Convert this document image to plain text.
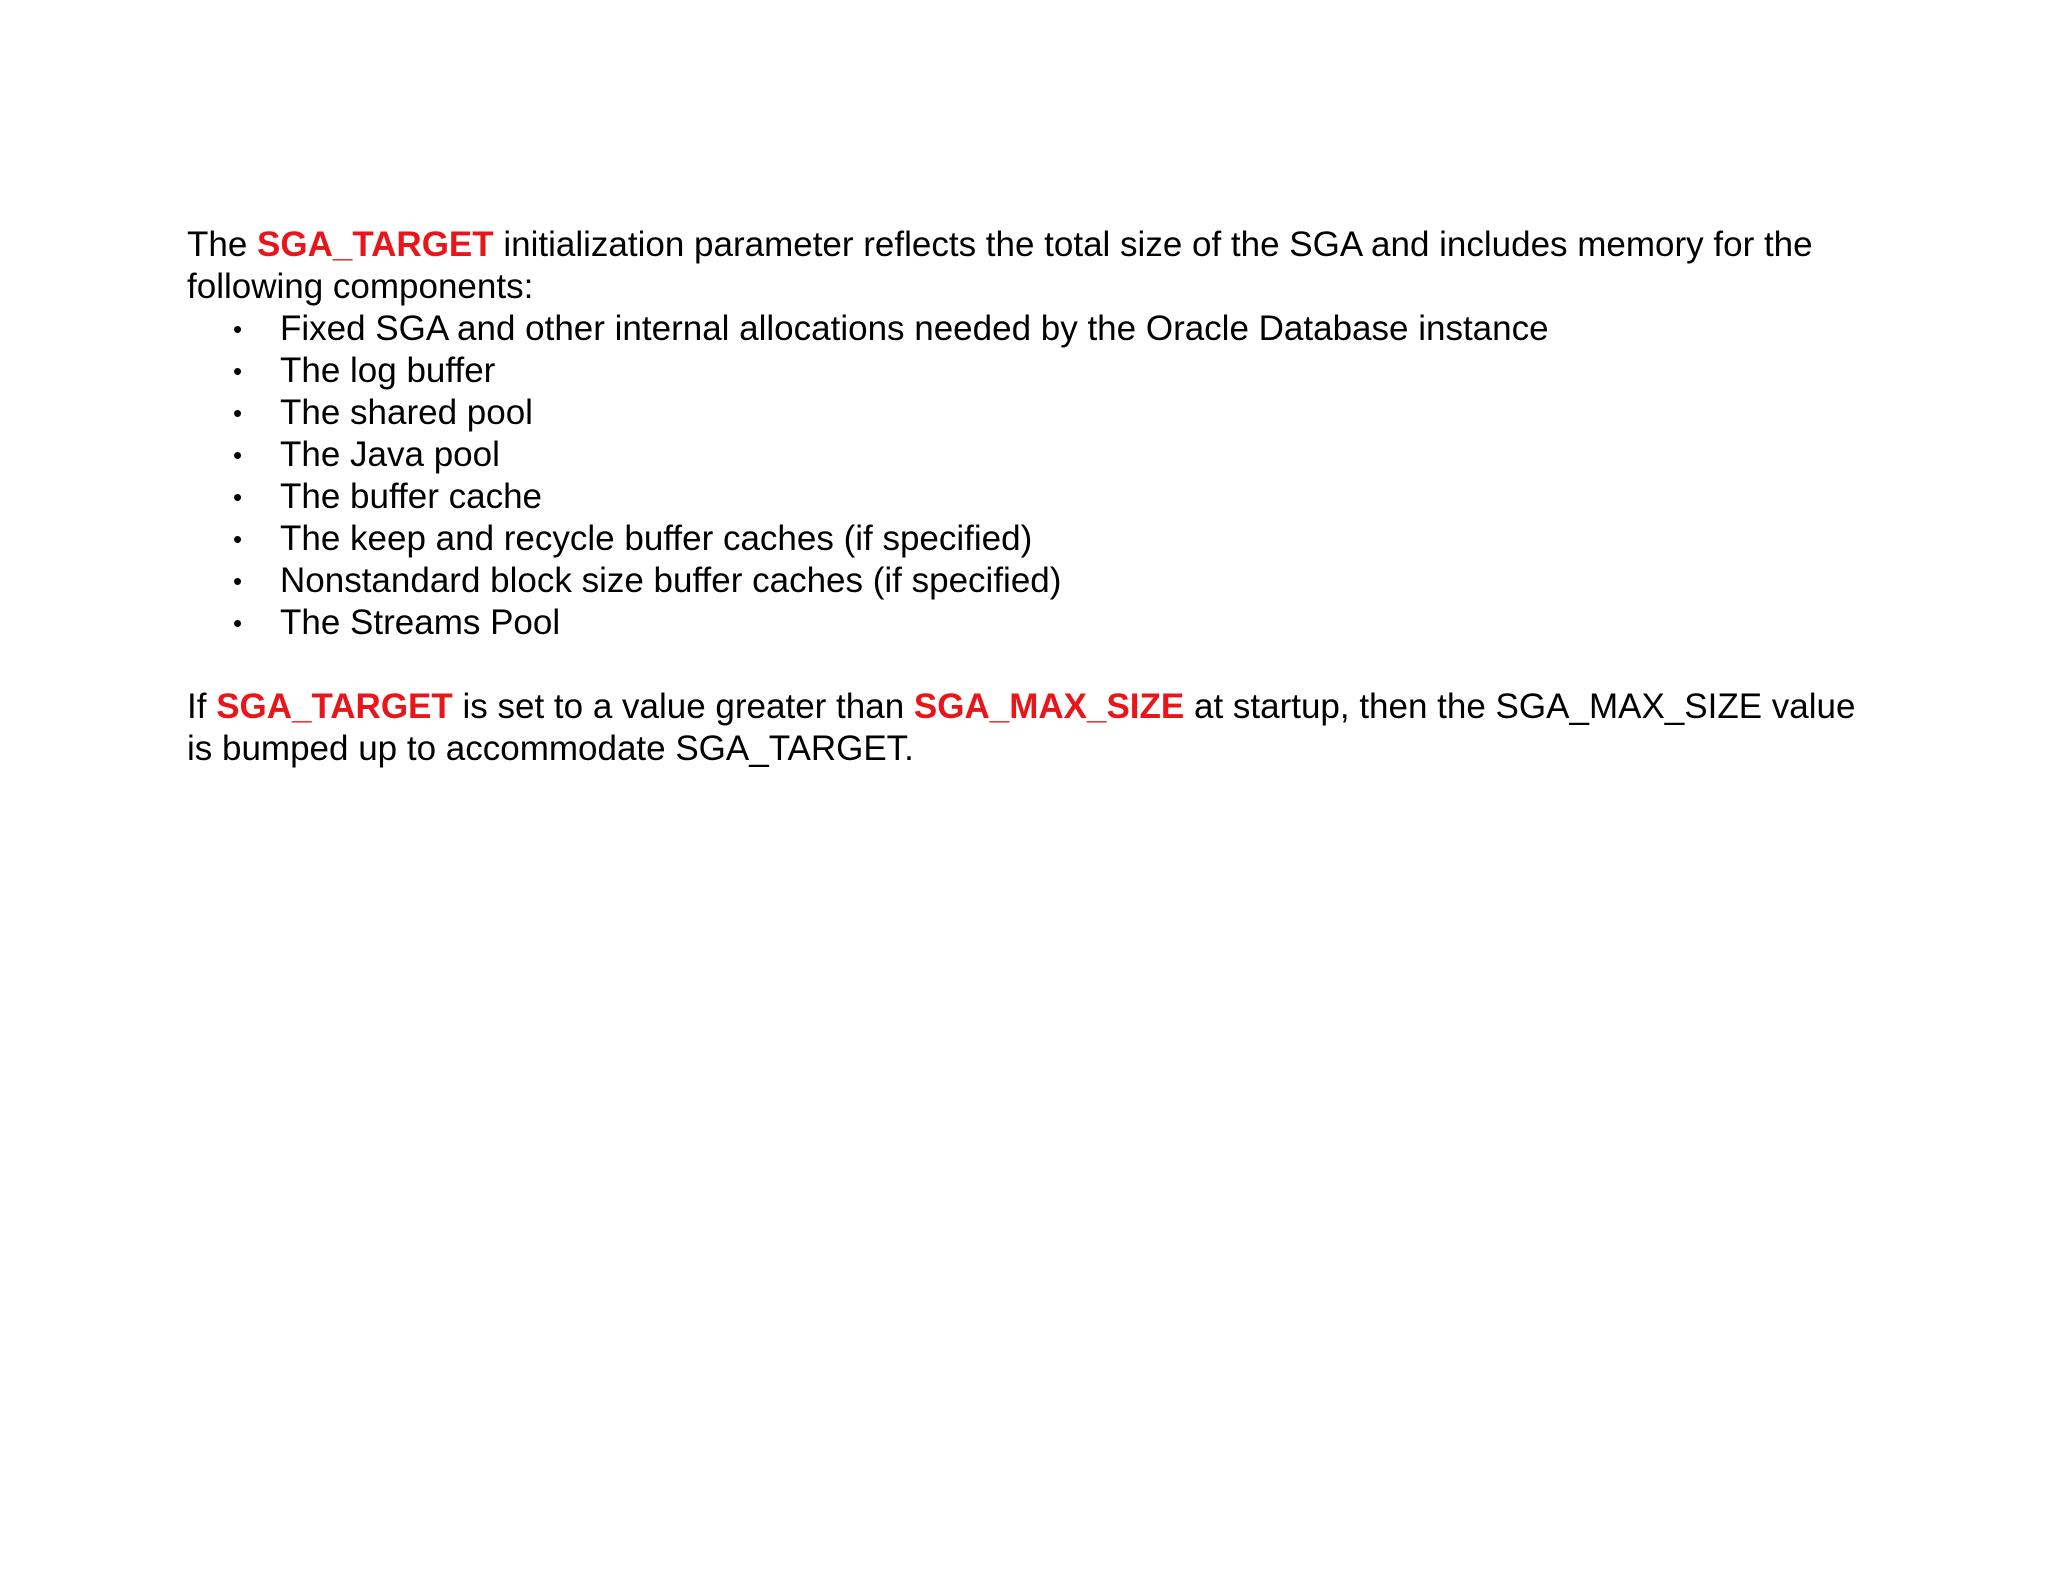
The SGA_TARGET initialization parameter reflects the total size of the SGA and includes memory for the following components:

• Fixed SGA and other internal allocations needed by the Oracle Database instance
• The log buffer
• The shared pool
• The Java pool
• The buffer cache
• The keep and recycle buffer caches (if specified)
• Nonstandard block size buffer caches (if specified)
• The Streams Pool

If SGA_TARGET is set to a value greater than SGA_MAX_SIZE at startup, then the SGA_MAX_SIZE value is bumped up to accommodate SGA_TARGET.
